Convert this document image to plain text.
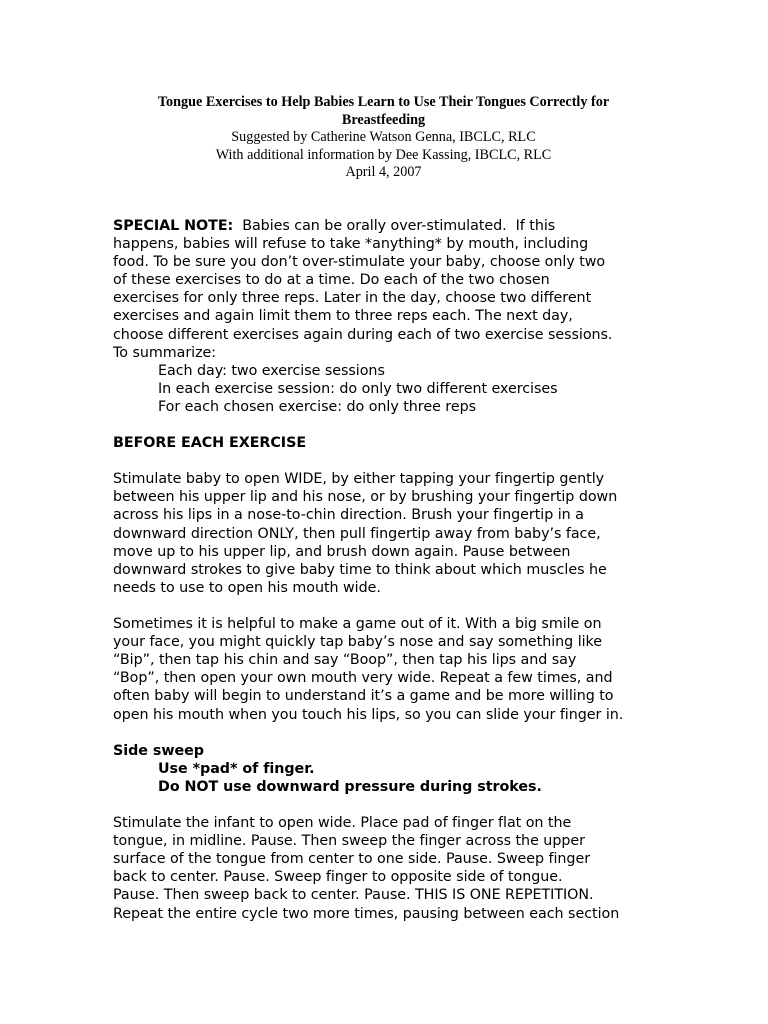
Tongue Exercises to Help Babies Learn to Use Their Tongues Correctly for
Breastfeeding
Suggested by Catherine Watson Genna, IBCLC, RLC
With additional information by Dee Kassing, IBCLC, RLC
April 4, 2007
SPECIAL NOTE:  Babies can be orally over-stimulated.  If this
happens, babies will refuse to take *anything* by mouth, including
food. To be sure you don’t over-stimulate your baby, choose only two
of these exercises to do at a time. Do each of the two chosen
exercises for only three reps. Later in the day, choose two different
exercises and again limit them to three reps each. The next day,
choose different exercises again during each of two exercise sessions.
To summarize:
Each day: two exercise sessions
In each exercise session: do only two different exercises
For each chosen exercise: do only three reps
BEFORE EACH EXERCISE
Stimulate baby to open WIDE, by either tapping your fingertip gently
between his upper lip and his nose, or by brushing your fingertip down
across his lips in a nose-to-chin direction. Brush your fingertip in a
downward direction ONLY, then pull fingertip away from baby’s face,
move up to his upper lip, and brush down again. Pause between
downward strokes to give baby time to think about which muscles he
needs to use to open his mouth wide.
Sometimes it is helpful to make a game out of it. With a big smile on
your face, you might quickly tap baby’s nose and say something like
“Bip”, then tap his chin and say “Boop”, then tap his lips and say
“Bop”, then open your own mouth very wide. Repeat a few times, and
often baby will begin to understand it’s a game and be more willing to
open his mouth when you touch his lips, so you can slide your finger in.
Side sweep
Use *pad* of finger.
Do NOT use downward pressure during strokes.
Stimulate the infant to open wide. Place pad of finger flat on the
tongue, in midline. Pause. Then sweep the finger across the upper
surface of the tongue from center to one side. Pause. Sweep finger
back to center. Pause. Sweep finger to opposite side of tongue.
Pause. Then sweep back to center. Pause. THIS IS ONE REPETITION.
Repeat the entire cycle two more times, pausing between each section
